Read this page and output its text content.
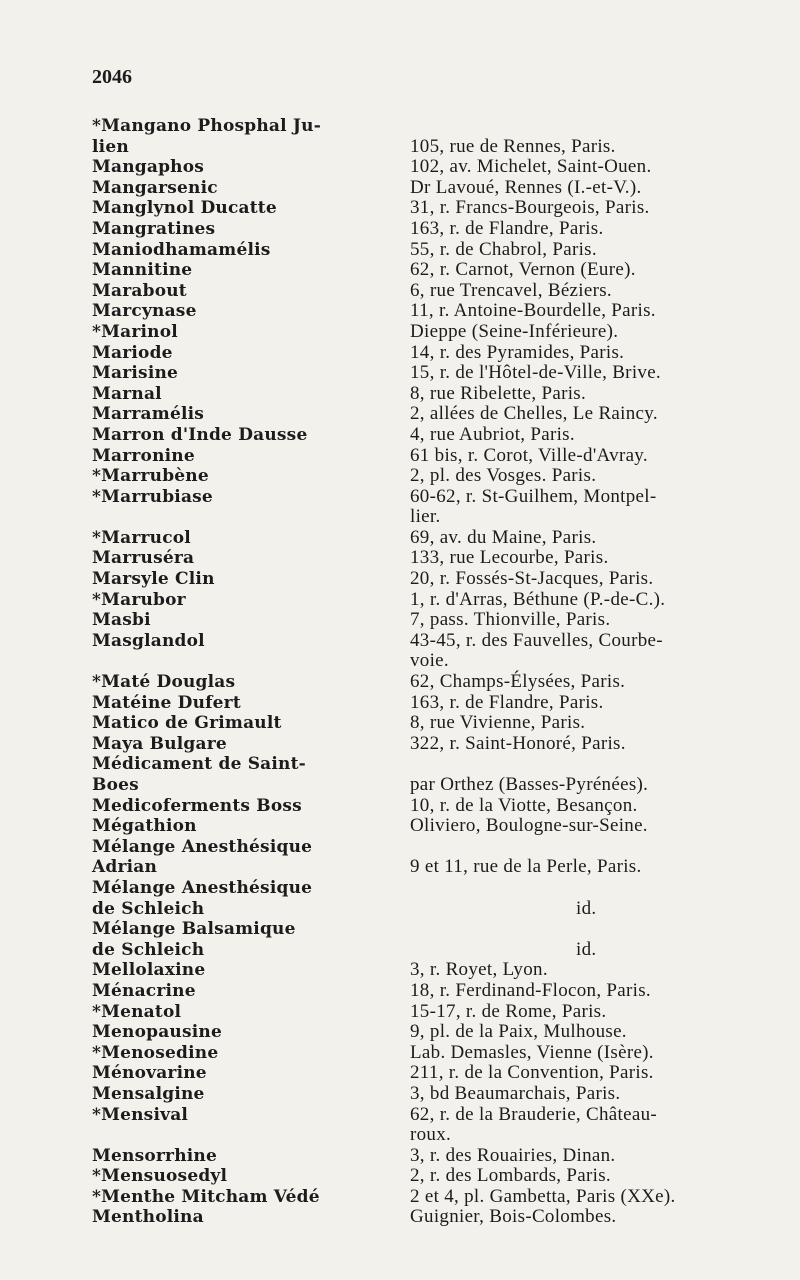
2046
*Mangano Phosphal Ju-
lien	105, rue de Rennes, Paris.
Mangaphos	102, av. Michelet, Saint-Ouen.
Mangarsenic	Dr Lavoué, Rennes (I.-et-V.).
Manglynol Ducatte	31, r. Francs-Bourgeois, Paris.
Mangratines	163, r. de Flandre, Paris.
Maniodhamamélis	55, r. de Chabrol, Paris.
Mannitine	62, r. Carnot, Vernon (Eure).
Marabout	6, rue Trencavel, Béziers.
Marcynase	11, r. Antoine-Bourdelle, Paris.
*Marinol	Dieppe (Seine-Inférieure).
Mariode	14, r. des Pyramides, Paris.
Marisine	15, r. de l'Hôtel-de-Ville, Brive.
Marnal	8, rue Ribelette, Paris.
Marramélis	2, allées de Chelles, Le Raincy.
Marron d'Inde Dausse	4, rue Aubriot, Paris.
Marronine	61 bis, r. Corot, Ville-d'Avray.
*Marrubène	2, pl. des Vosges. Paris.
*Marrubiase	60-62, r. St-Guilhem, Montpel-
lier.
*Marrucol	69, av. du Maine, Paris.
Marruséra	133, rue Lecourbe, Paris.
Marsyle Clin	20, r. Fossés-St-Jacques, Paris.
*Marubor	1, r. d'Arras, Béthune (P.-de-C.).
Masbi	7, pass. Thionville, Paris.
Masglandol	43-45, r. des Fauvelles, Courbe-
voie.
*Maté Douglas	62, Champs-Élysées, Paris.
Matéine Dufert	163, r. de Flandre, Paris.
Matico de Grimault	8, rue Vivienne, Paris.
Maya Bulgare	322, r. Saint-Honoré, Paris.
Médicament de Saint-
Boes	par Orthez (Basses-Pyrénées).
Medicoferments Boss	10, r. de la Viotte, Besançon.
Mégathion	Oliviero, Boulogne-sur-Seine.
Mélange Anesthésique
Adrian	9 et 11, rue de la Perle, Paris.
Mélange Anesthésique
de Schleich	id.
Mélange Balsamique
de Schleich	id.
Mellolaxine	3, r. Royet, Lyon.
Ménacrine	18, r. Ferdinand-Flocon, Paris.
*Menatol	15-17, r. de Rome, Paris.
Menopausine	9, pl. de la Paix, Mulhouse.
*Menosedine	Lab. Demasles, Vienne (Isère).
Ménovarine	211, r. de la Convention, Paris.
Mensalgine	3, bd Beaumarchais, Paris.
*Mensival	62, r. de la Brauderie, Château-
roux.
Mensorrhine	3, r. des Rouairies, Dinan.
*Mensuosedyl	2, r. des Lombards, Paris.
*Menthe Mitcham Védé	2 et 4, pl. Gambetta, Paris (XXe).
Mentholina	Guignier, Bois-Colombes.
